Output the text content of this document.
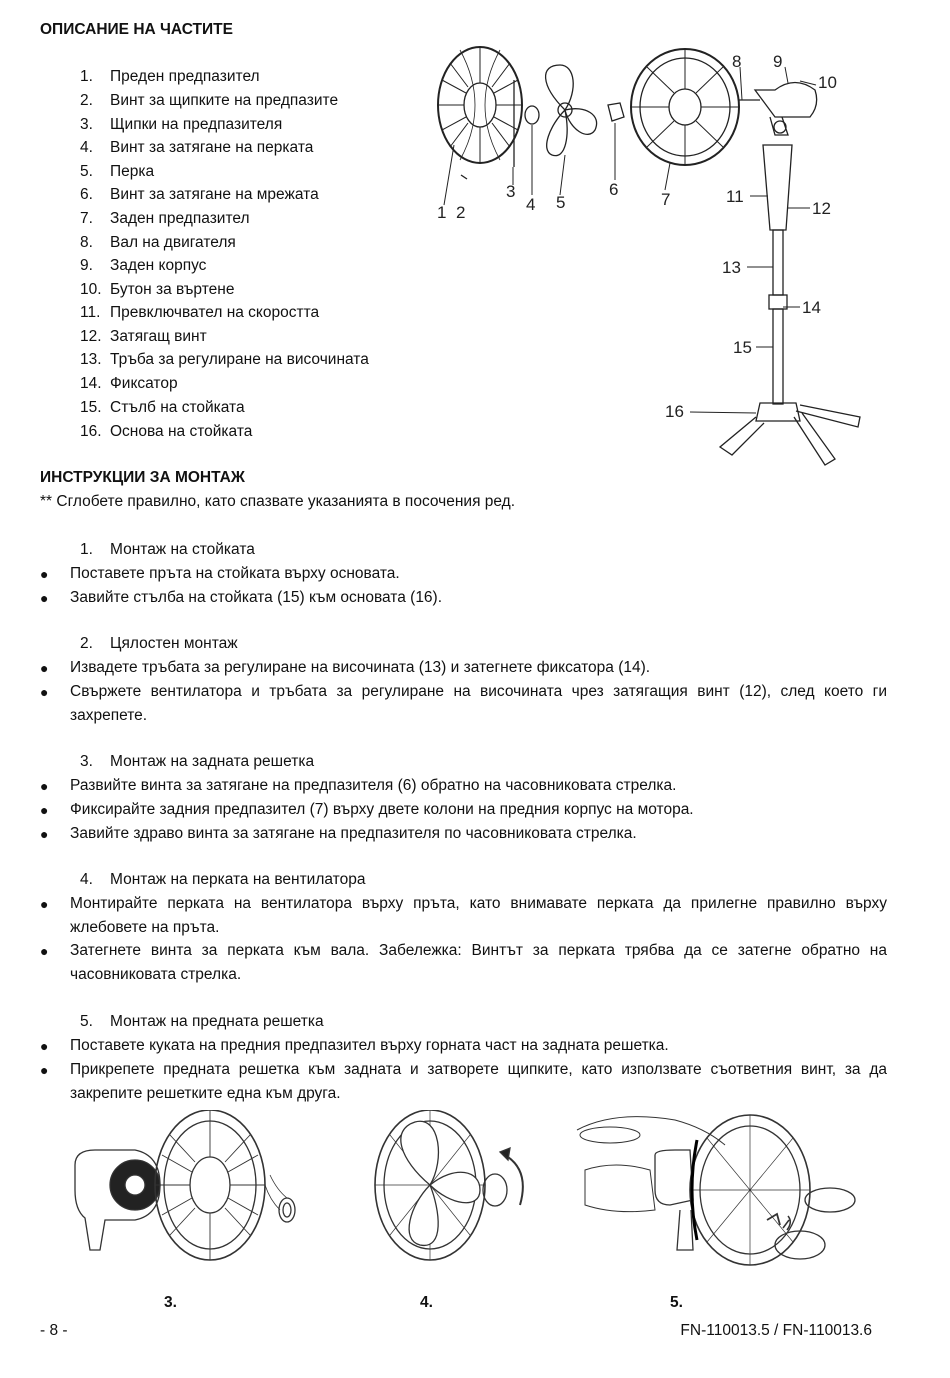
ОПИСАНИЕ НА ЧАСТИТЕ
1.	Преден предпазител
2.	Винт за щипките на предпазите
3.	Щипки на предпазителя
4.	Винт за затягане на перката
5.	Перка
6.	Винт за затягане на мрежата
7.	Заден предпазител
8.	Вал на двигателя
9.	Заден корпус
10. Бутон за въртене
11. Превключвател на скоростта
12. Затягащ винт
13. Тръба за регулиране на височината
14. Фиксатор
15. Стълб на стойката
16. Основа на стойката
1 2
3
4 5
6
7
8 9
10
11
12
13
14
15
16
ИНСТРУКЦИИ ЗА МОНТАЖ
** Сглобете правилно, като спазвате указанията в посочения ред.
1.	Монтаж на стойката
●	Поставете пръта на стойката върху основата.
●	Завийте стълба на стойката (15) към основата (16).
2.	Цялостен монтаж
●	Извадете тръбата за регулиране на височината (13) и затегнете фиксатора (14).
●	Свържете вентилатора и тръбата за регулиране на височината чрез затягащия винт (12), след което ги захрепете.
3.	Монтаж на задната решетка
●	Развийте винта за затягане на предпазителя (6) обратно на часовниковата стрелка.
●	Фиксирайте задния предпазител (7) върху двете колони на предния корпус на мотора.
●	Завийте здраво винта за затягане на предпазителя по часовниковата стрелка.
4.	Монтаж на перката на вентилатора
●	Монтирайте перката на вентилатора върху пръта, като внимавате перката да прилегне правилно върху жлебовете на пръта.
●	Затегнете винта за перката към вала. Забележка: Винтът за перката трябва да се затегне обратно на часовниковата стрелка.
5.	Монтаж на предната решетка
●	Поставете куката на предния предпазител върху горната част на задната решетка.
●	Прикрепете предната решетка към задната и затворете щипките, като използвате съответния винт, за да закрепите решетките една към друга.
3.	4.	5.
- 8 -	FN-110013.5 / FN-110013.6
